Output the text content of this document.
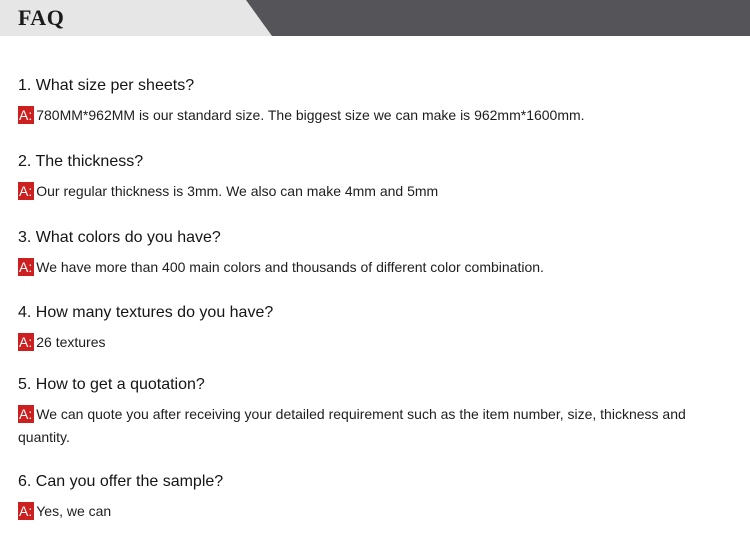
FAQ

1. What size per sheets?

A: 780MM*962MM is our standard size. The biggest size we can make is 962mm*1600mm.

2. The thickness?

A: Our regular thickness is 3mm. We also can make 4mm and 5mm

3. What colors do you have?

A: We have more than 400 main colors and thousands of different color combination.

4. How many textures do you have?

A: 26 textures

5. How to get a quotation?

A: We can quote you after receiving your detailed requirement such as the item number, size, thickness and quantity.

6. Can you offer the sample?

A: Yes, we can
